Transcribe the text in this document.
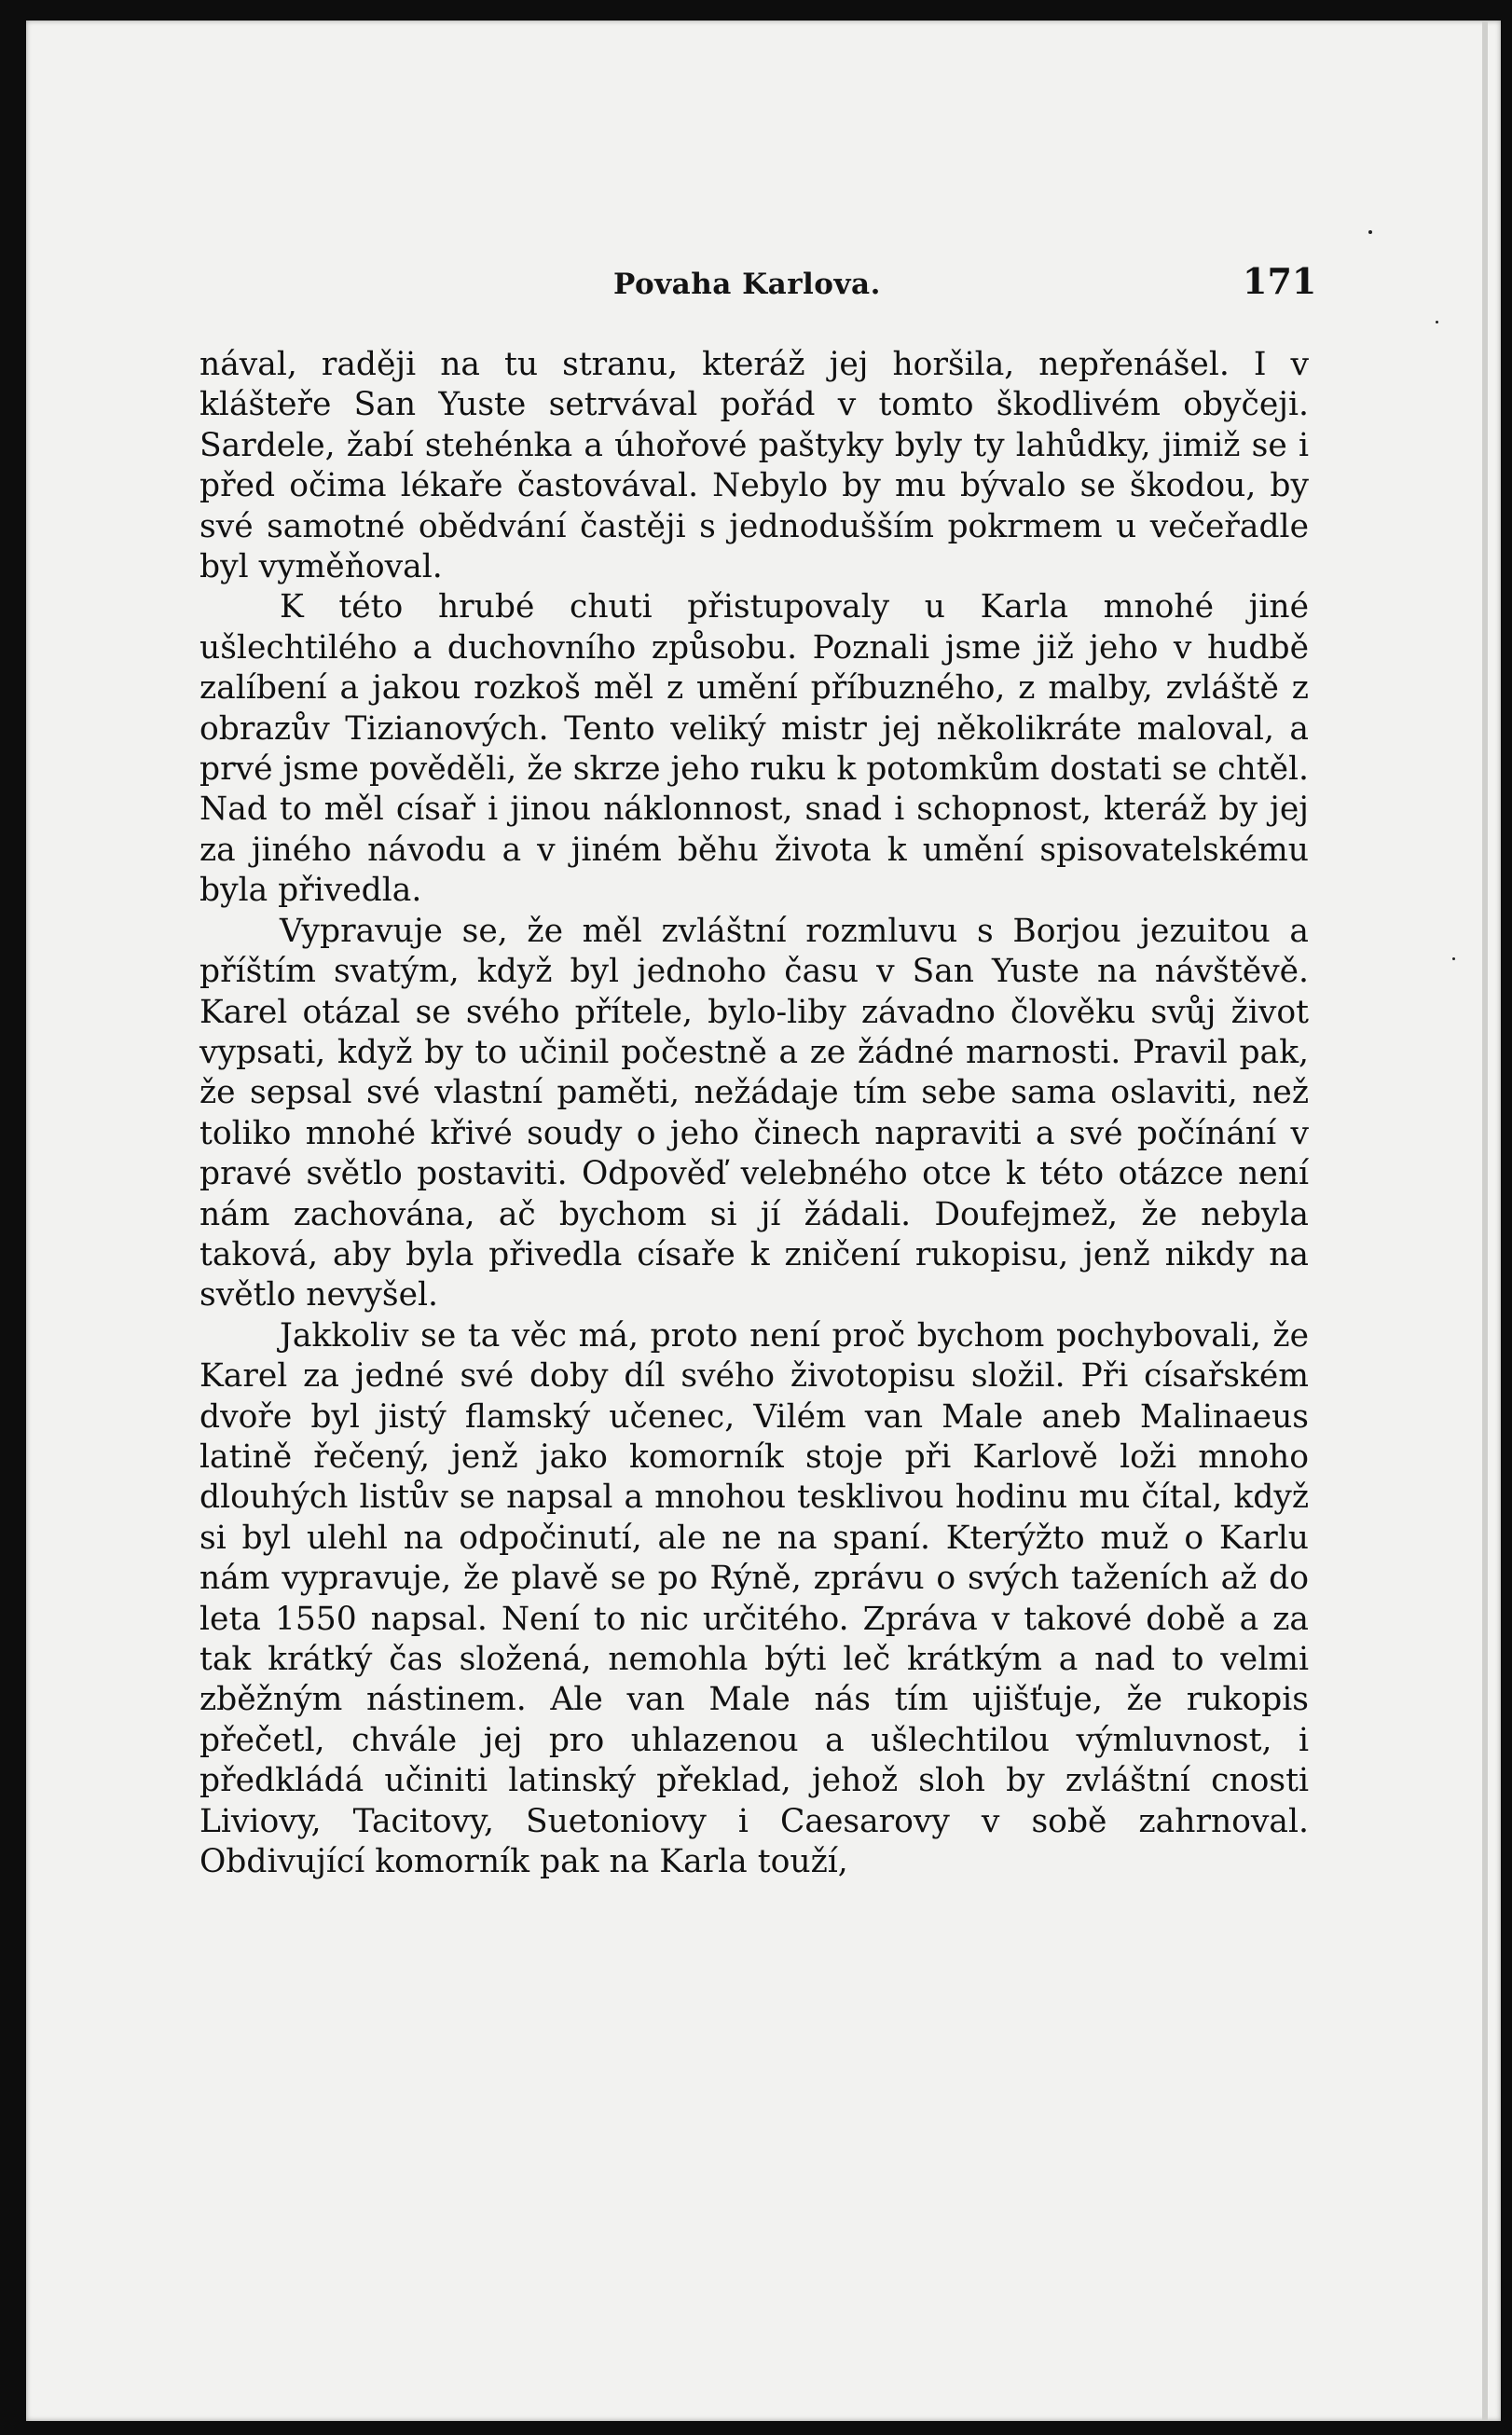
Povaha Karlova.	171

nával, raději na tu stranu, kteráž jej horšila, nepřenášel. I v klášteře San Yuste setrvával pořád v tomto škodlivém obyčeji. Sardele, žabí stehénka a úhořové paštyky byly ty lahůdky, jimiž se i před očima lékaře častovával. Nebylo by mu bývalo se škodou, by své samotné obědvání častěji s jednodušším pokrmem u večeřadle byl vyměňoval.

K této hrubé chuti přistupovaly u Karla mnohé jiné ušlechtilého a duchovního způsobu. Poznali jsme již jeho v hudbě zalíbení a jakou rozkoš měl z umění příbuzného, z malby, zvláště z obrazův Tizianových. Tento veliký mistr jej několikráte maloval, a prvé jsme pověděli, že skrze jeho ruku k potomkům dostati se chtěl. Nad to měl císař i jinou náklonnost, snad i schopnost, kteráž by jej za jiného návodu a v jiném běhu života k umění spisovatelskému byla přivedla.

Vypravuje se, že měl zvláštní rozmluvu s Borjou jezuitou a příštím svatým, když byl jednoho času v San Yuste na návštěvě. Karel otázal se svého přítele, bylo-liby závadno člověku svůj život vypsati, když by to učinil počestně a ze žádné marnosti. Pravil pak, že sepsal své vlastní paměti, nežádaje tím sebe sama oslaviti, než toliko mnohé křivé soudy o jeho činech napraviti a své počínání v pravé světlo postaviti. Odpověď velebného otce k této otázce není nám zachována, ač bychom si jí žádali. Doufejmež, že nebyla taková, aby byla přivedla císaře k zničení rukopisu, jenž nikdy na světlo nevyšel.

Jakkoliv se ta věc má, proto není proč bychom pochybovali, že Karel za jedné své doby díl svého životopisu složil. Při císařském dvoře byl jistý flamský učenec, Vilém van Male aneb Malinaeus latině řečený, jenž jako komorník stoje při Karlově loži mnoho dlouhých listův se napsal a mnohou tesklivou hodinu mu čítal, když si byl ulehl na odpočinutí, ale ne na spaní. Kterýžto muž o Karlu nám vypravuje, že plavě se po Rýně, zprávu o svých taženích až do leta 1550 napsal. Není to nic určitého. Zpráva v takové době a za tak krátký čas složená, nemohla býti leč krátkým a nad to velmi zběžným nástinem. Ale van Male nás tím ujišťuje, že rukopis přečetl, chvále jej pro uhlazenou a ušlechtilou výmluvnost, i předkládá učiniti latinský překlad, jehož sloh by zvláštní cnosti Liviovy, Tacitovy, Suetoniovy i Caesarovy v sobě zahrnoval. Obdivující komorník pak na Karla touží,
